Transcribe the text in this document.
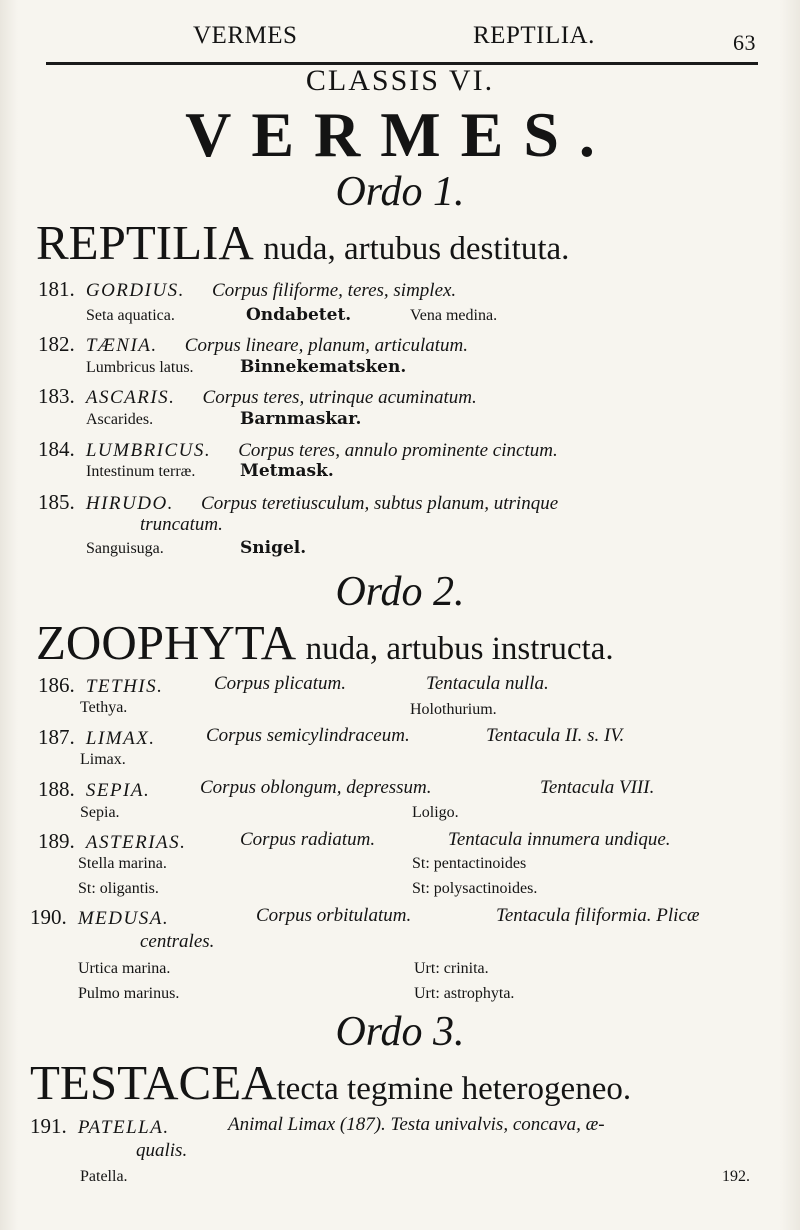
VERMES	REPTILIA.	63
CLASSIS VI.
VERMES.
Ordo 1.
REPTILIA nuda, artubus destituta.
181. GORDIUS. Corpus filiforme, teres, simplex.
Seta aquatica.	Ondabetet.	Vena medina.
182. TÆNIA. Corpus lineare, planum, articulatum.
Lumbricus latus.	Binnekematsken.
183. ASCARIS. Corpus teres, utrinque acuminatum.
Ascarides.	Barnmaskar.
184. LUMBRICUS. Corpus teres, annulo prominente cinctum.
Intestinum terræ.	Metmask.
185. HIRUDO. Corpus teretiusculum, subtus planum, utrinque
truncatum.
Sanguisuga.	Snigel.
Ordo 2.
ZOOPHYTA nuda, artubus instructa.
186. TETHIS.	Corpus plicatum.	Tentacula nulla.
Tethya.	Holothurium.
187. LIMAX.	Corpus semicylindraceum.	Tentacula II. s. IV.
Limax.
188. SEPIA.	Corpus oblongum, depressum.	Tentacula VIII.
Sepia.	Loligo.
189. ASTERIAS.	Corpus radiatum.	Tentacula innumera undique.
Stella marina.	St: pentactinoides
St: oligantis.	St: polysactinoides.
190. MEDUSA.	Corpus orbitulatum.	Tentacula filiformia. Plicæ
centrales.
Urtica marina.	Urt: crinita.
Pulmo marinus.	Urt: astrophyta.
Ordo 3.
TESTACEAtecta tegmine heterogeneo.
191. PATELLA.	Animal Limax (187). Testa univalvis, concava, æ-
qualis.
Patella.	192.
